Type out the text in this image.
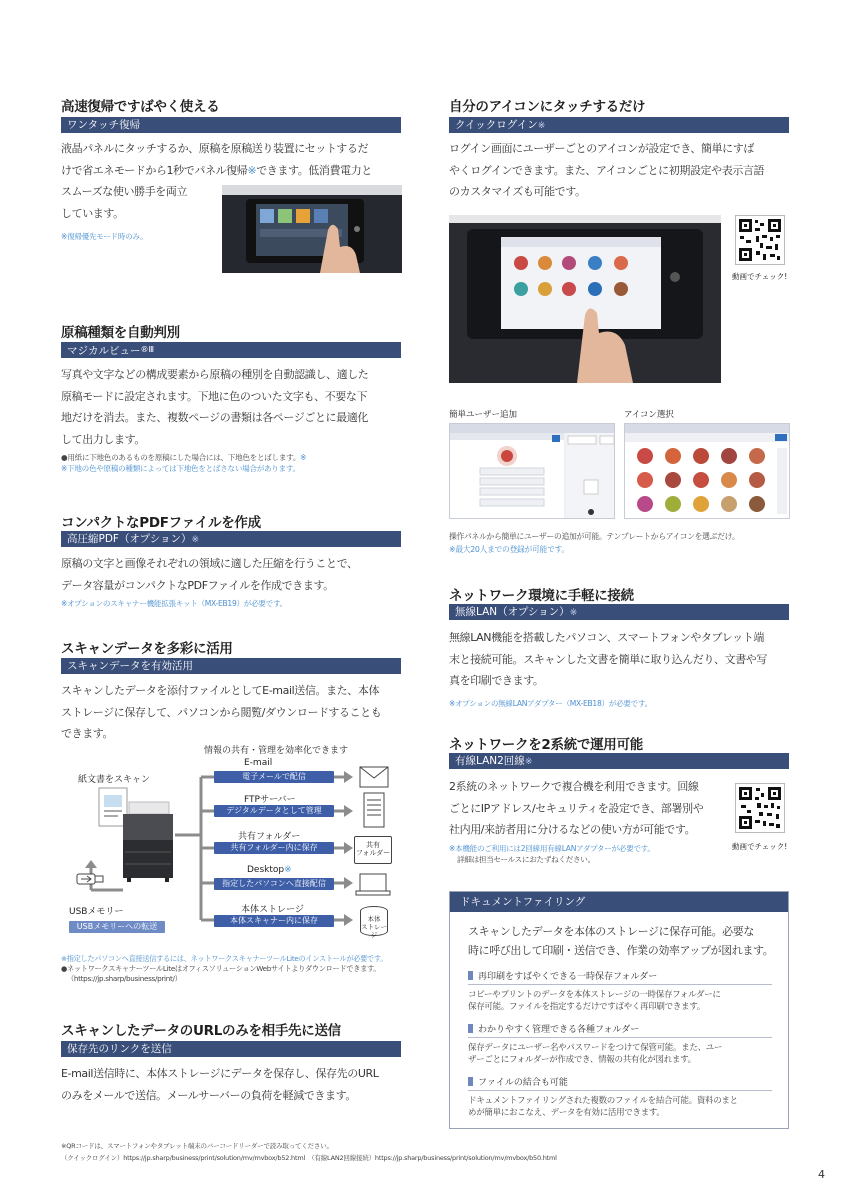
高速復帰ですばやく使える
ワンタッチ復帰
液晶パネルにタッチするか、原稿を原稿送り装置にセットするだ
けで省エネモードから1秒でパネル復帰※できます。低消費電力と
スムーズな使い勝手を両立
しています。
※復帰優先モード時のみ。
原稿種類を自動判別
マジカルビュー®Ⅲ
写真や文字などの構成要素から原稿の種別を自動認識し、適した
原稿モードに設定されます。下地に色のついた文字も、不要な下
地だけを消去。また、複数ページの書類は各ページごとに最適化
して出力します。
●用紙に下地色のあるものを原稿にした場合には、下地色をとばします。※
※下地の色や原稿の種類によっては下地色をとばさない場合があります。
コンパクトなPDFファイルを作成
高圧縮PDF（オプション）※
原稿の文字と画像それぞれの領域に適した圧縮を行うことで、
データ容量がコンパクトなPDFファイルを作成できます。
※オプションのスキャナー機能拡張キット（MX-EB19）が必要です。
スキャンデータを多彩に活用
スキャンデータを有効活用
スキャンしたデータを添付ファイルとしてE-mail送信。また、本体
ストレージに保存して、パソコンから閲覧/ダウンロードすることも
できます。
情報の共有・管理を効率化できます
紙文書をスキャン
USBメモリー
USBメモリーへの転送
E-mail
電子メールで配信
FTPサーバー
デジタルデータとして管理
共有フォルダー
共有フォルダー内に保存
Desktop※
指定したパソコンへ直接配信
本体ストレージ
本体スキャナー内に保存
共有
フォルダー
本体
ストレージ
※指定したパソコンへ直接送信するには、ネットワークスキャナーツールLiteのインストールが必要です。
●ネットワークスキャナーツールLiteはオフィスソリューションWebサイトよりダウンロードできます。
（https://jp.sharp/business/print/）
スキャンしたデータのURLのみを相手先に送信
保存先のリンクを送信
E-mail送信時に、本体ストレージにデータを保存し、保存先のURL
のみをメールで送信。メールサーバーの負荷を軽減できます。
自分のアイコンにタッチするだけ
クイックログイン※
ログイン画面にユーザーごとのアイコンが設定でき、簡単にすば
やくログインできます。また、アイコンごとに初期設定や表示言語
のカスタマイズも可能です。
動画でチェック!
簡単ユーザー追加	アイコン選択
操作パネルから簡単にユーザーの追加が可能。テンプレートからアイコンを選ぶだけ。
※最大20人までの登録が可能です。
ネットワーク環境に手軽に接続
無線LAN（オプション）※
無線LAN機能を搭載したパソコン、スマートフォンやタブレット端
末と接続可能。スキャンした文書を簡単に取り込んだり、文書や写
真を印刷できます。
※オプションの無線LANアダプター（MX-EB18）が必要です。
ネットワークを2系統で運用可能
有線LAN2回線※
2系統のネットワークで複合機を利用できます。回線
ごとにIPアドレス/セキュリティを設定でき、部署別や
社内用/来訪者用に分けるなどの使い方が可能です。
※本機能のご利用には2回線用有線LANアダプターが必要です。
詳細は担当セールスにおたずねください。
動画でチェック!
ドキュメントファイリング
スキャンしたデータを本体のストレージに保存可能。必要な
時に呼び出して印刷・送信でき、作業の効率アップが図れます。
再印刷をすばやくできる一時保存フォルダー
コピーやプリントのデータを本体ストレージの一時保存フォルダーに
保存可能。ファイルを指定するだけですばやく再印刷できます。
わかりやすく管理できる各種フォルダー
保存データにユーザー名やパスワードをつけて保管可能。また、ユー
ザーごとにフォルダーが作成でき、情報の共有化が図れます。
ファイルの結合も可能
ドキュメントファイリングされた複数のファイルを結合可能。資料のまと
めが簡単におこなえ、データを有効に活用できます。
※QRコードは、スマートフォンやタブレット端末のバーコードリーダーで読み取ってください。
（クイックログイン）https://jp.sharp/business/print/solution/mv/mvbox/b52.html　（有線LAN2回線接続）https://jp.sharp/business/print/solution/mv/mvbox/b50.html
4
